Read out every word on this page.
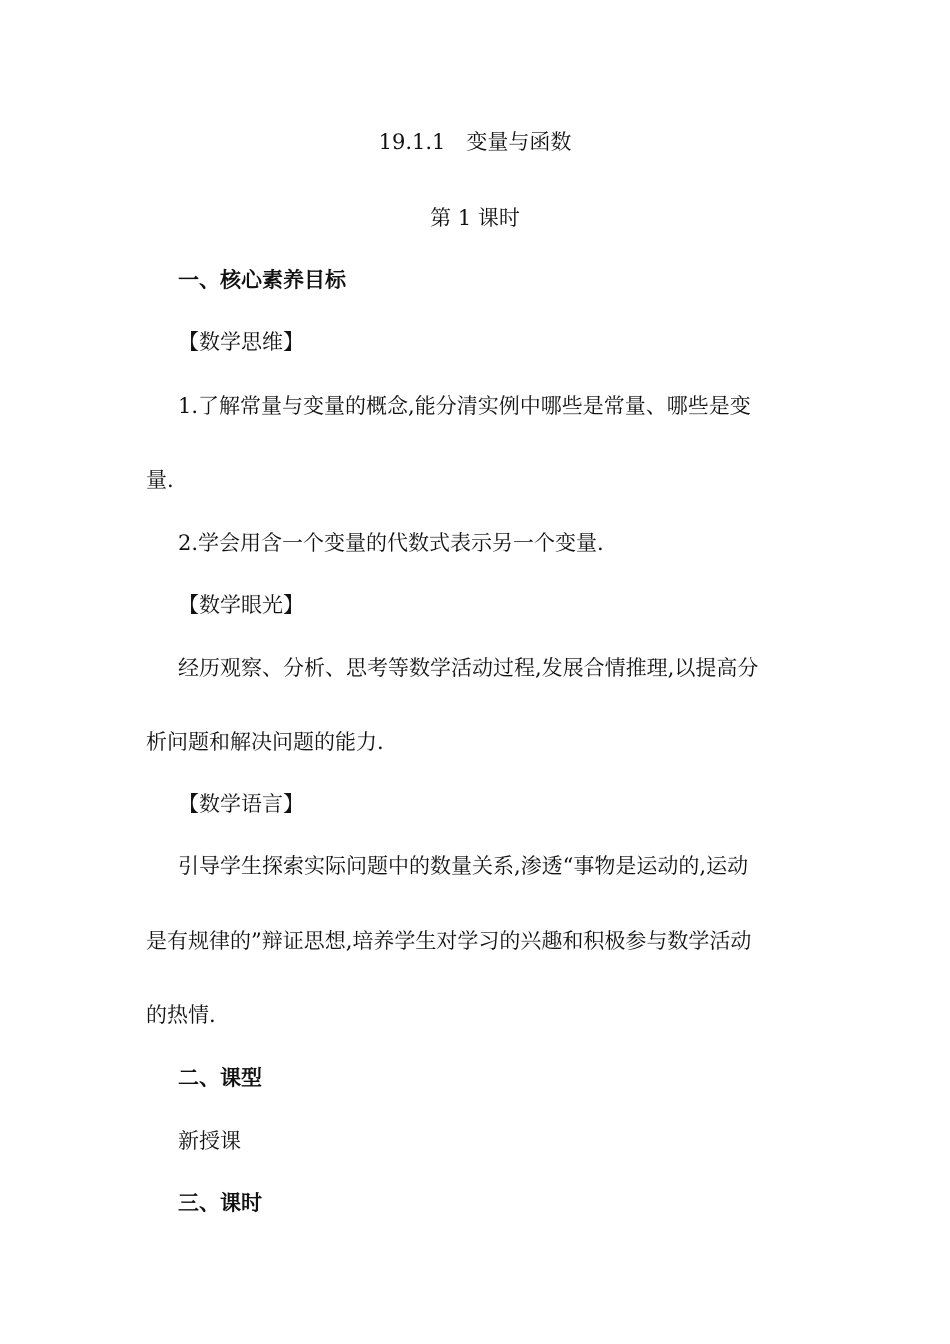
19.1.1　变量与函数
第 1 课时
一、核心素养目标
【数学思维】
1.了解常量与变量的概念,能分清实例中哪些是常量、哪些是变
量.
2.学会用含一个变量的代数式表示另一个变量.
【数学眼光】
经历观察、分析、思考等数学活动过程,发展合情推理,以提高分
析问题和解决问题的能力.
【数学语言】
引导学生探索实际问题中的数量关系,渗透“事物是运动的,运动
是有规律的”辩证思想,培养学生对学习的兴趣和积极参与数学活动
的热情.
二、课型
新授课
三、课时
